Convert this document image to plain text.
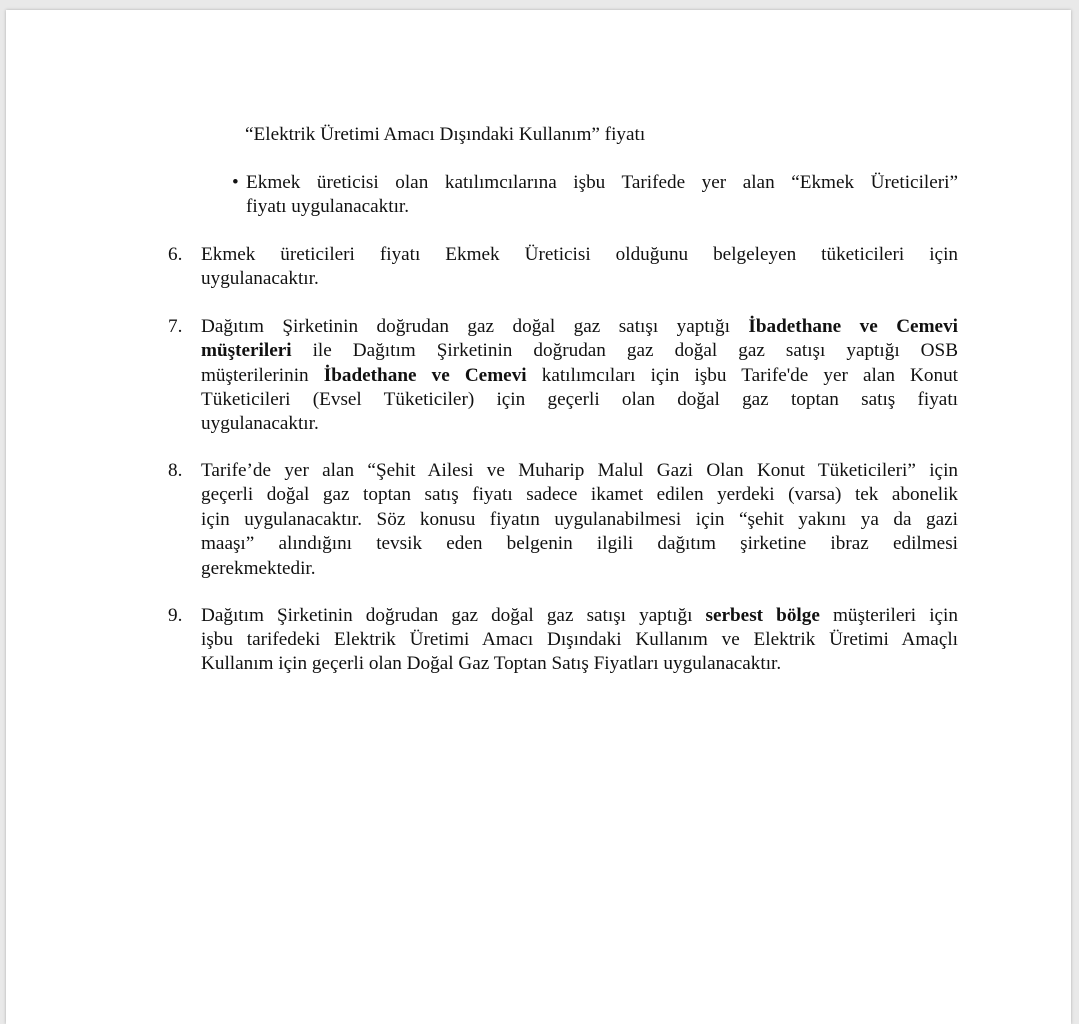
“Elektrik Üretimi Amacı Dışındaki Kullanım” fiyatı
• Ekmek üreticisi olan katılımcılarına işbu Tarifede yer alan “Ekmek Üreticileri”
fiyatı uygulanacaktır.
6. Ekmek üreticileri fiyatı Ekmek Üreticisi olduğunu belgeleyen tüketicileri için
uygulanacaktır.
7. Dağıtım Şirketinin doğrudan gaz doğal gaz satışı yaptığı İbadethane ve Cemevi
müşterileri ile Dağıtım Şirketinin doğrudan gaz doğal gaz satışı yaptığı OSB
müşterilerinin İbadethane ve Cemevi katılımcıları için işbu Tarife'de yer alan Konut
Tüketicileri (Evsel Tüketiciler) için geçerli olan doğal gaz toptan satış fiyatı
uygulanacaktır.
8. Tarife’de yer alan “Şehit Ailesi ve Muharip Malul Gazi Olan Konut Tüketicileri” için
geçerli doğal gaz toptan satış fiyatı sadece ikamet edilen yerdeki (varsa) tek abonelik
için uygulanacaktır. Söz konusu fiyatın uygulanabilmesi için “şehit yakını ya da gazi
maaşı” alındığını tevsik eden belgenin ilgili dağıtım şirketine ibraz edilmesi
gerekmektedir.
9. Dağıtım Şirketinin doğrudan gaz doğal gaz satışı yaptığı serbest bölge müşterileri için
işbu tarifedeki Elektrik Üretimi Amacı Dışındaki Kullanım ve Elektrik Üretimi Amaçlı
Kullanım için geçerli olan Doğal Gaz Toptan Satış Fiyatları uygulanacaktır.
